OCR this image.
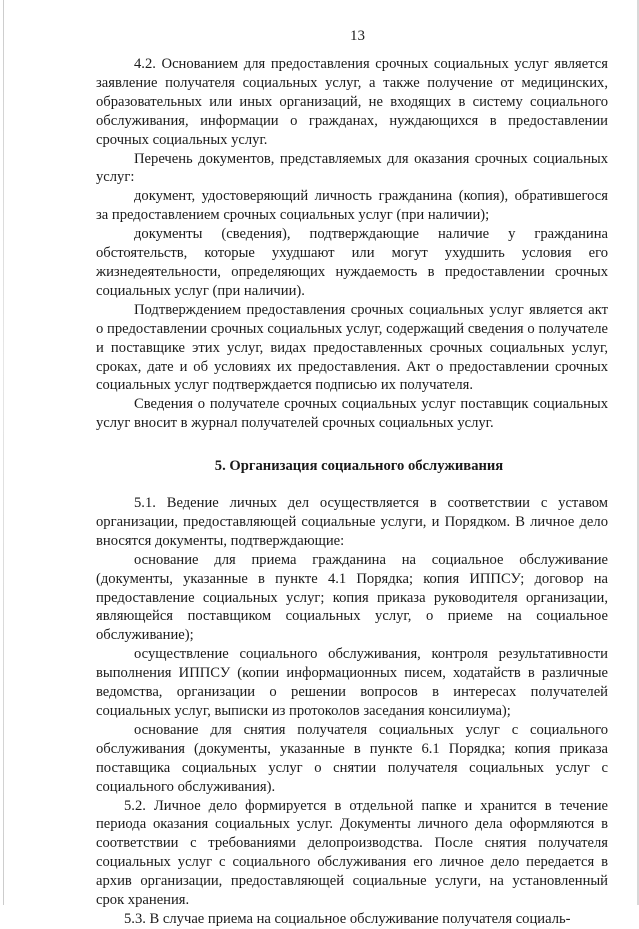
13

4.2. Основанием для предоставления срочных социальных услуг является заявление получателя социальных услуг, а также получение от медицинских, образовательных или иных организаций, не входящих в систему социального обслуживания, информации о гражданах, нуждающихся в предоставлении срочных социальных услуг.

Перечень документов, представляемых для оказания срочных социальных услуг:

документ, удостоверяющий личность гражданина (копия), обратившегося за предоставлением срочных социальных услуг (при наличии);

документы (сведения), подтверждающие наличие у гражданина обстоятельств, которые ухудшают или могут ухудшить условия его жизнедеятельности, определяющих нуждаемость в предоставлении срочных социальных услуг (при наличии).

Подтверждением предоставления срочных социальных услуг является акт о предоставлении срочных социальных услуг, содержащий сведения о получателе и поставщике этих услуг, видах предоставленных срочных социальных услуг, сроках, дате и об условиях их предоставления. Акт о предоставлении срочных социальных услуг подтверждается подписью их получателя.

Сведения о получателе срочных социальных услуг поставщик социальных услуг вносит в журнал получателей срочных социальных услуг.

5. Организация социального обслуживания

5.1. Ведение личных дел осуществляется в соответствии с уставом организации, предоставляющей социальные услуги, и Порядком. В личное дело вносятся документы, подтверждающие:

основание для приема гражданина на социальное обслуживание (документы, указанные в пункте 4.1 Порядка; копия ИППСУ; договор на предоставление социальных услуг; копия приказа руководителя организации, являющейся поставщиком социальных услуг, о приеме на социальное обслуживание);

осуществление социального обслуживания, контроля результативности выполнения ИППСУ (копии информационных писем, ходатайств в различные ведомства, организации о решении вопросов в интересах получателей социальных услуг, выписки из протоколов заседания консилиума);

основание для снятия получателя социальных услуг с социального обслуживания (документы, указанные в пункте 6.1 Порядка; копия приказа поставщика социальных услуг о снятии получателя социальных услуг с социального обслуживания).

5.2. Личное дело формируется в отдельной папке и хранится в течение периода оказания социальных услуг. Документы личного дела оформляются в соответствии с требованиями делопроизводства. После снятия получателя социальных услуг с социального обслуживания его личное дело передается в архив организации, предоставляющей социальные услуги, на установленный срок хранения.

5.3. В случае приема на социальное обслуживание получателя социаль-
